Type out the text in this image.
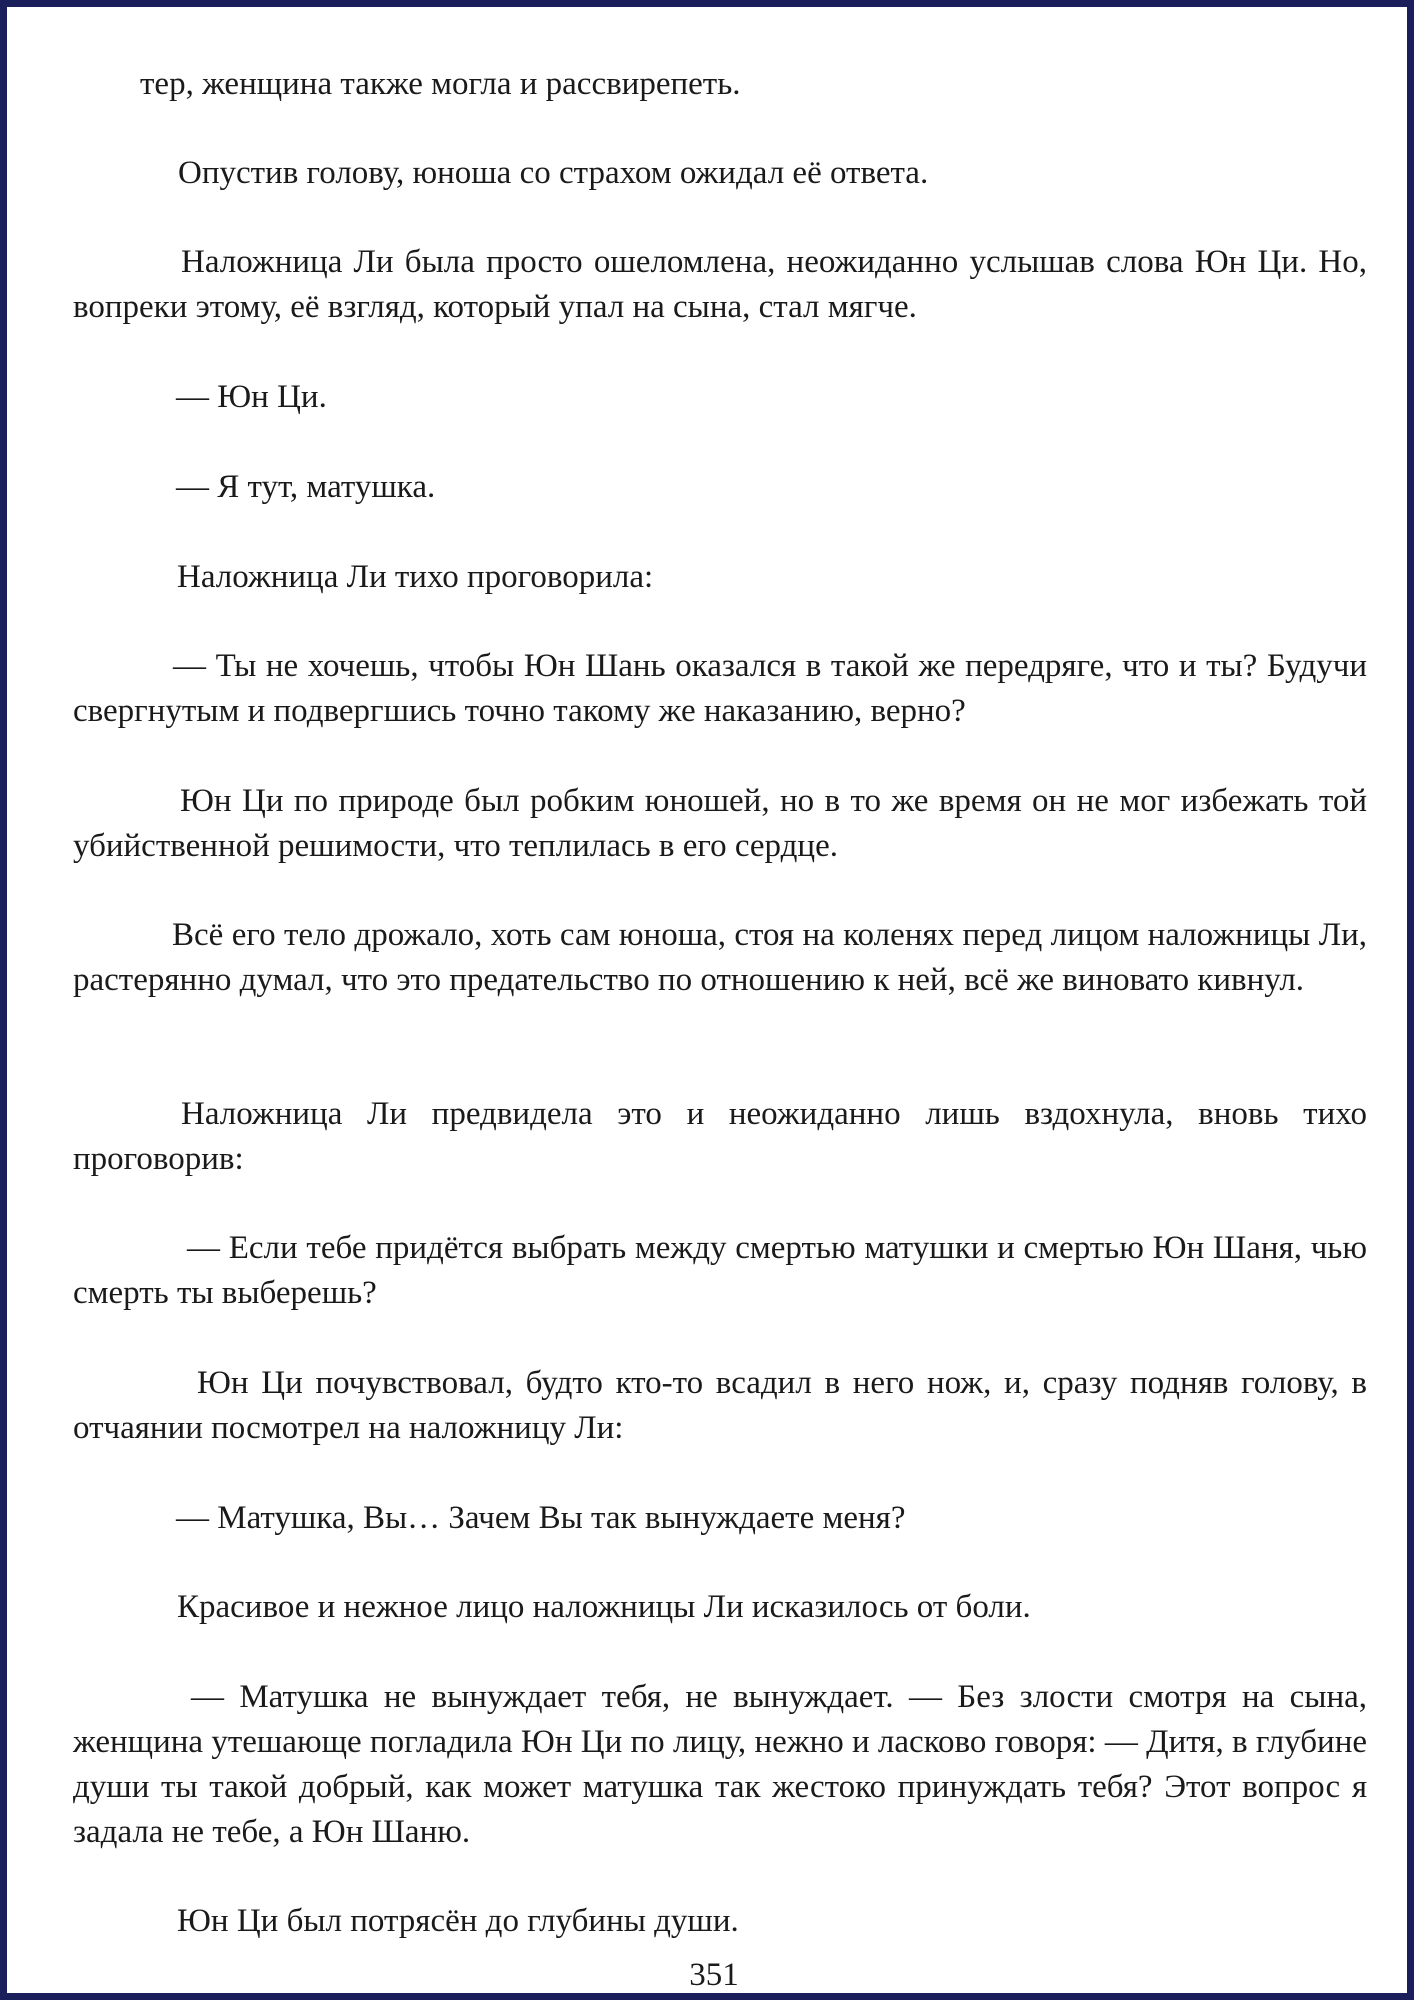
тер, женщина также могла и рассвирепеть.

Опустив голову, юноша со страхом ожидал её ответа.

Наложница Ли была просто ошеломлена, неожиданно услышав слова Юн Ци. Но, вопреки этому, её взгляд, который упал на сына, стал мягче.

— Юн Ци.

— Я тут, матушка.

Наложница Ли тихо проговорила:

— Ты не хочешь, чтобы Юн Шань оказался в такой же передряге, что и ты? Будучи свергнутым и подвергшись точно такому же наказанию, верно?

Юн Ци по природе был робким юношей, но в то же время он не мог избежать той убийственной решимости, что теплилась в его сердце.

Всё его тело дрожало, хоть сам юноша, стоя на коленях перед лицом наложницы Ли, растерянно думал, что это предательство по отношению к ней, всё же виновато кивнул.

Наложница Ли предвидела это и неожиданно лишь вздохнула, вновь тихо проговорив:

— Если тебе придётся выбрать между смертью матушки и смертью Юн Шаня, чью смерть ты выберешь?

Юн Ци почувствовал, будто кто-то всадил в него нож, и, сразу подняв голову, в отчаянии посмотрел на наложницу Ли:

— Матушка, Вы… Зачем Вы так вынуждаете меня?

Красивое и нежное лицо наложницы Ли исказилось от боли.

— Матушка не вынуждает тебя, не вынуждает. — Без злости смотря на сына, женщина утешающе погладила Юн Ци по лицу, нежно и ласково говоря: — Дитя, в глубине души ты такой добрый, как может матушка так жестоко принуждать тебя? Этот вопрос я задала не тебе, а Юн Шаню.

Юн Ци был потрясён до глубины души.

351
